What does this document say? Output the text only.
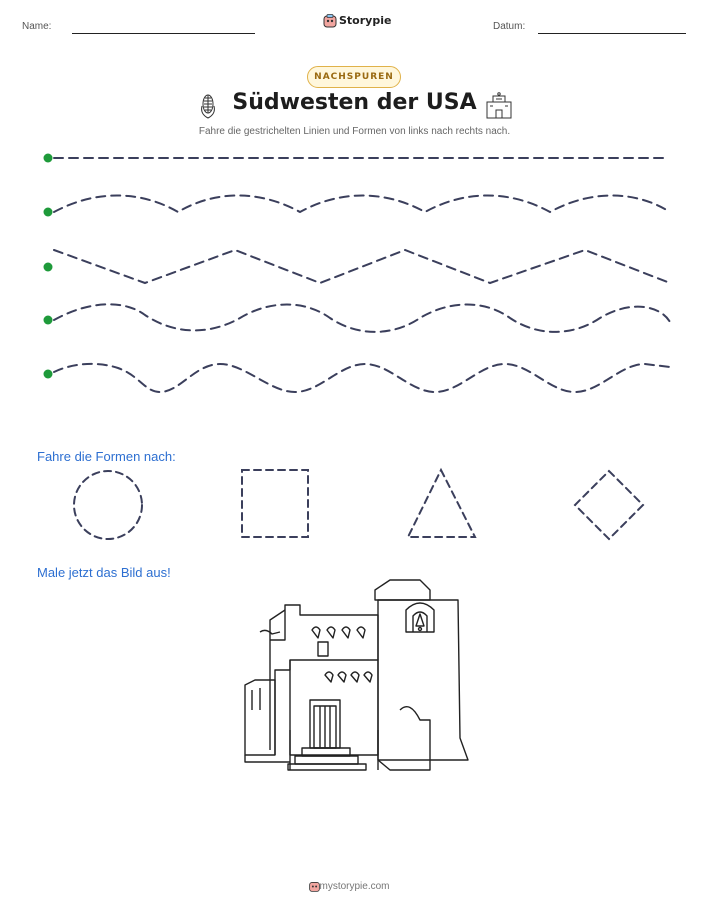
Name:	Storypie	Datum:
NACHSPUREN
Südwesten der USA
Fahre die gestrichelten Linien und Formen von links nach rechts nach.
Fahre die Formen nach:
Male jetzt das Bild aus!
mystorypie.com
